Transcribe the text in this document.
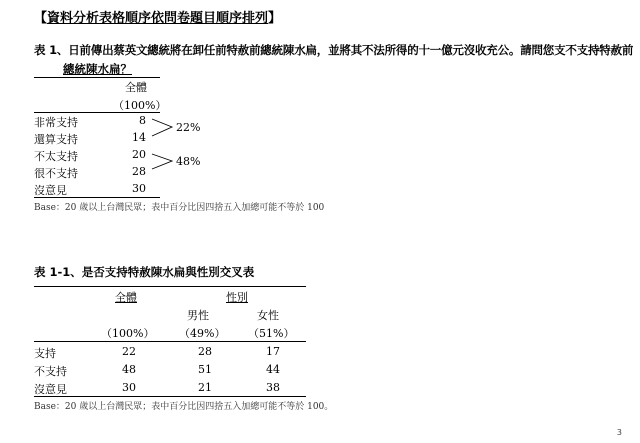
【資料分析表格順序依問卷題目順序排列】
表 1、日前傳出蔡英文總統將在卸任前特赦前總統陳水扁，並將其不法所得的十一億元沒收充公。請問您支不支持特赦前
總統陳水扁？
全體
（100%）
非常支持	8
還算支持	14
不太支持	20
很不支持	28
沒意見	30
22%
48%
Base：20 歲以上台灣民眾；表中百分比因四捨五入加總可能不等於 100
表 1-1、是否支持特赦陳水扁與性別交叉表
全體	性別
男性	女性
（100%） （49%） （51%）
支持	22	28	17
不支持	48	51	44
沒意見	30	21	38
Base：20 歲以上台灣民眾；表中百分比因四捨五入加總可能不等於 100。
3
